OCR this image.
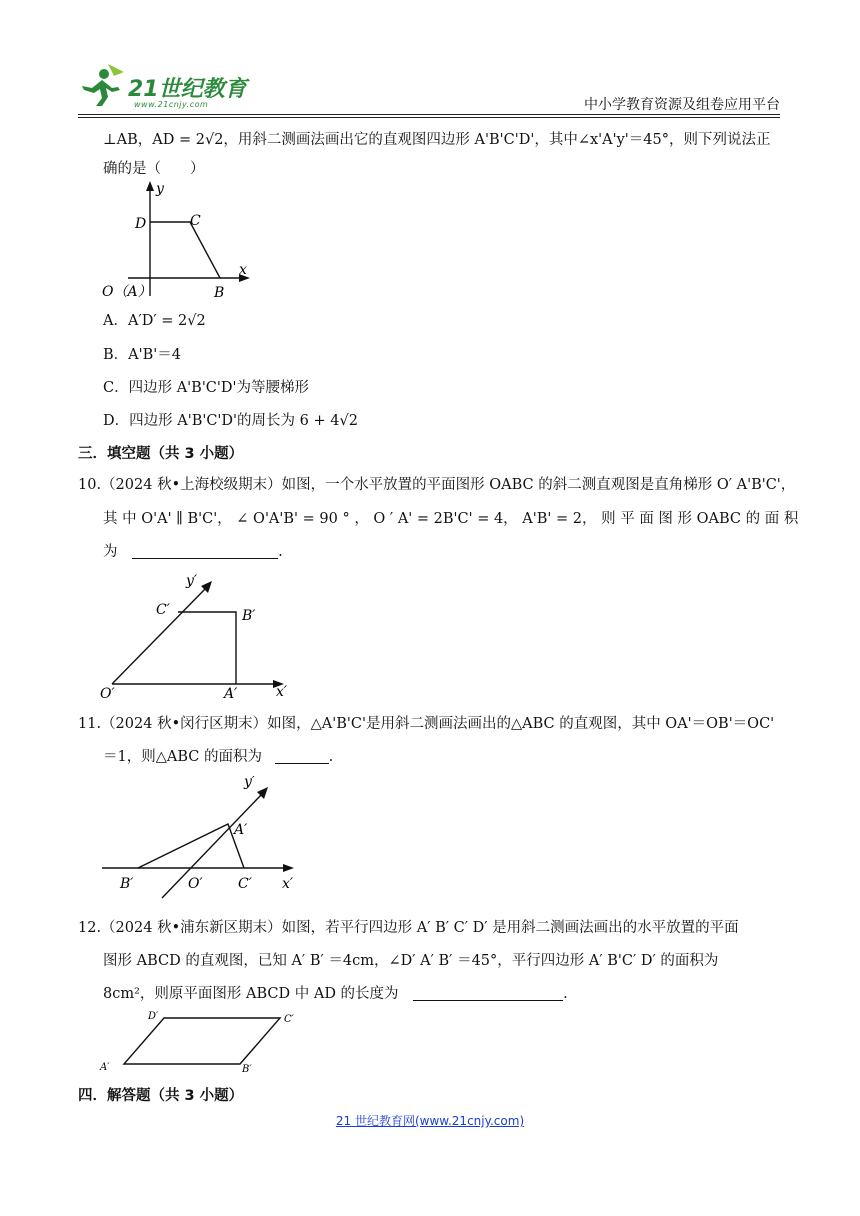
21世纪教育
www.21cnjy.com	中小学教育资源及组卷应用平台
⊥AB，AD = 2√2，用斜二测画法画出它的直观图四边形 A'B'C'D'，其中∠x'A'y'＝45°，则下列说法正
确的是（　　）
y
x
D	C
O（A）	B
A．A′D′ = 2√2
B．A'B'＝4
C．四边形 A'B'C'D'为等腰梯形
D．四边形 A'B'C'D'的周长为 6 + 4√2
三．填空题（共 3 小题）
10.（2024 秋•上海校级期末）如图，一个水平放置的平面图形 OABC 的斜二测直观图是直角梯形 O′ A'B'C'，
其 中 O'A' ∥ B'C'， ∠ O'A'B' = 90 ° ， O ′ A' = 2B'C' = 4， A'B' = 2， 则 平 面 图 形 OABC 的 面 积
为	.
y′
x′
C′	B′
O′	A′
11.（2024 秋•闵行区期末）如图，△A'B'C'是用斜二测画法画出的△ABC 的直观图，其中 OA'＝OB'＝OC'
＝1，则△ABC 的面积为	.
y′
x′
A′
B′	O′	C′
12.（2024 秋•浦东新区期末）如图，若平行四边形 A′ B′ C′ D′ 是用斜二测画法画出的水平放置的平面
图形 ABCD 的直观图，已知 A′ B′ ＝4cm，∠D′ A′ B′ ＝45°，平行四边形 A′ B'C′ D′ 的面积为
8cm²，则原平面图形 ABCD 中 AD 的长度为	.
D′	C′
A′	B′
四．解答题（共 3 小题）
21 世纪教育网(www.21cnjy.com)
